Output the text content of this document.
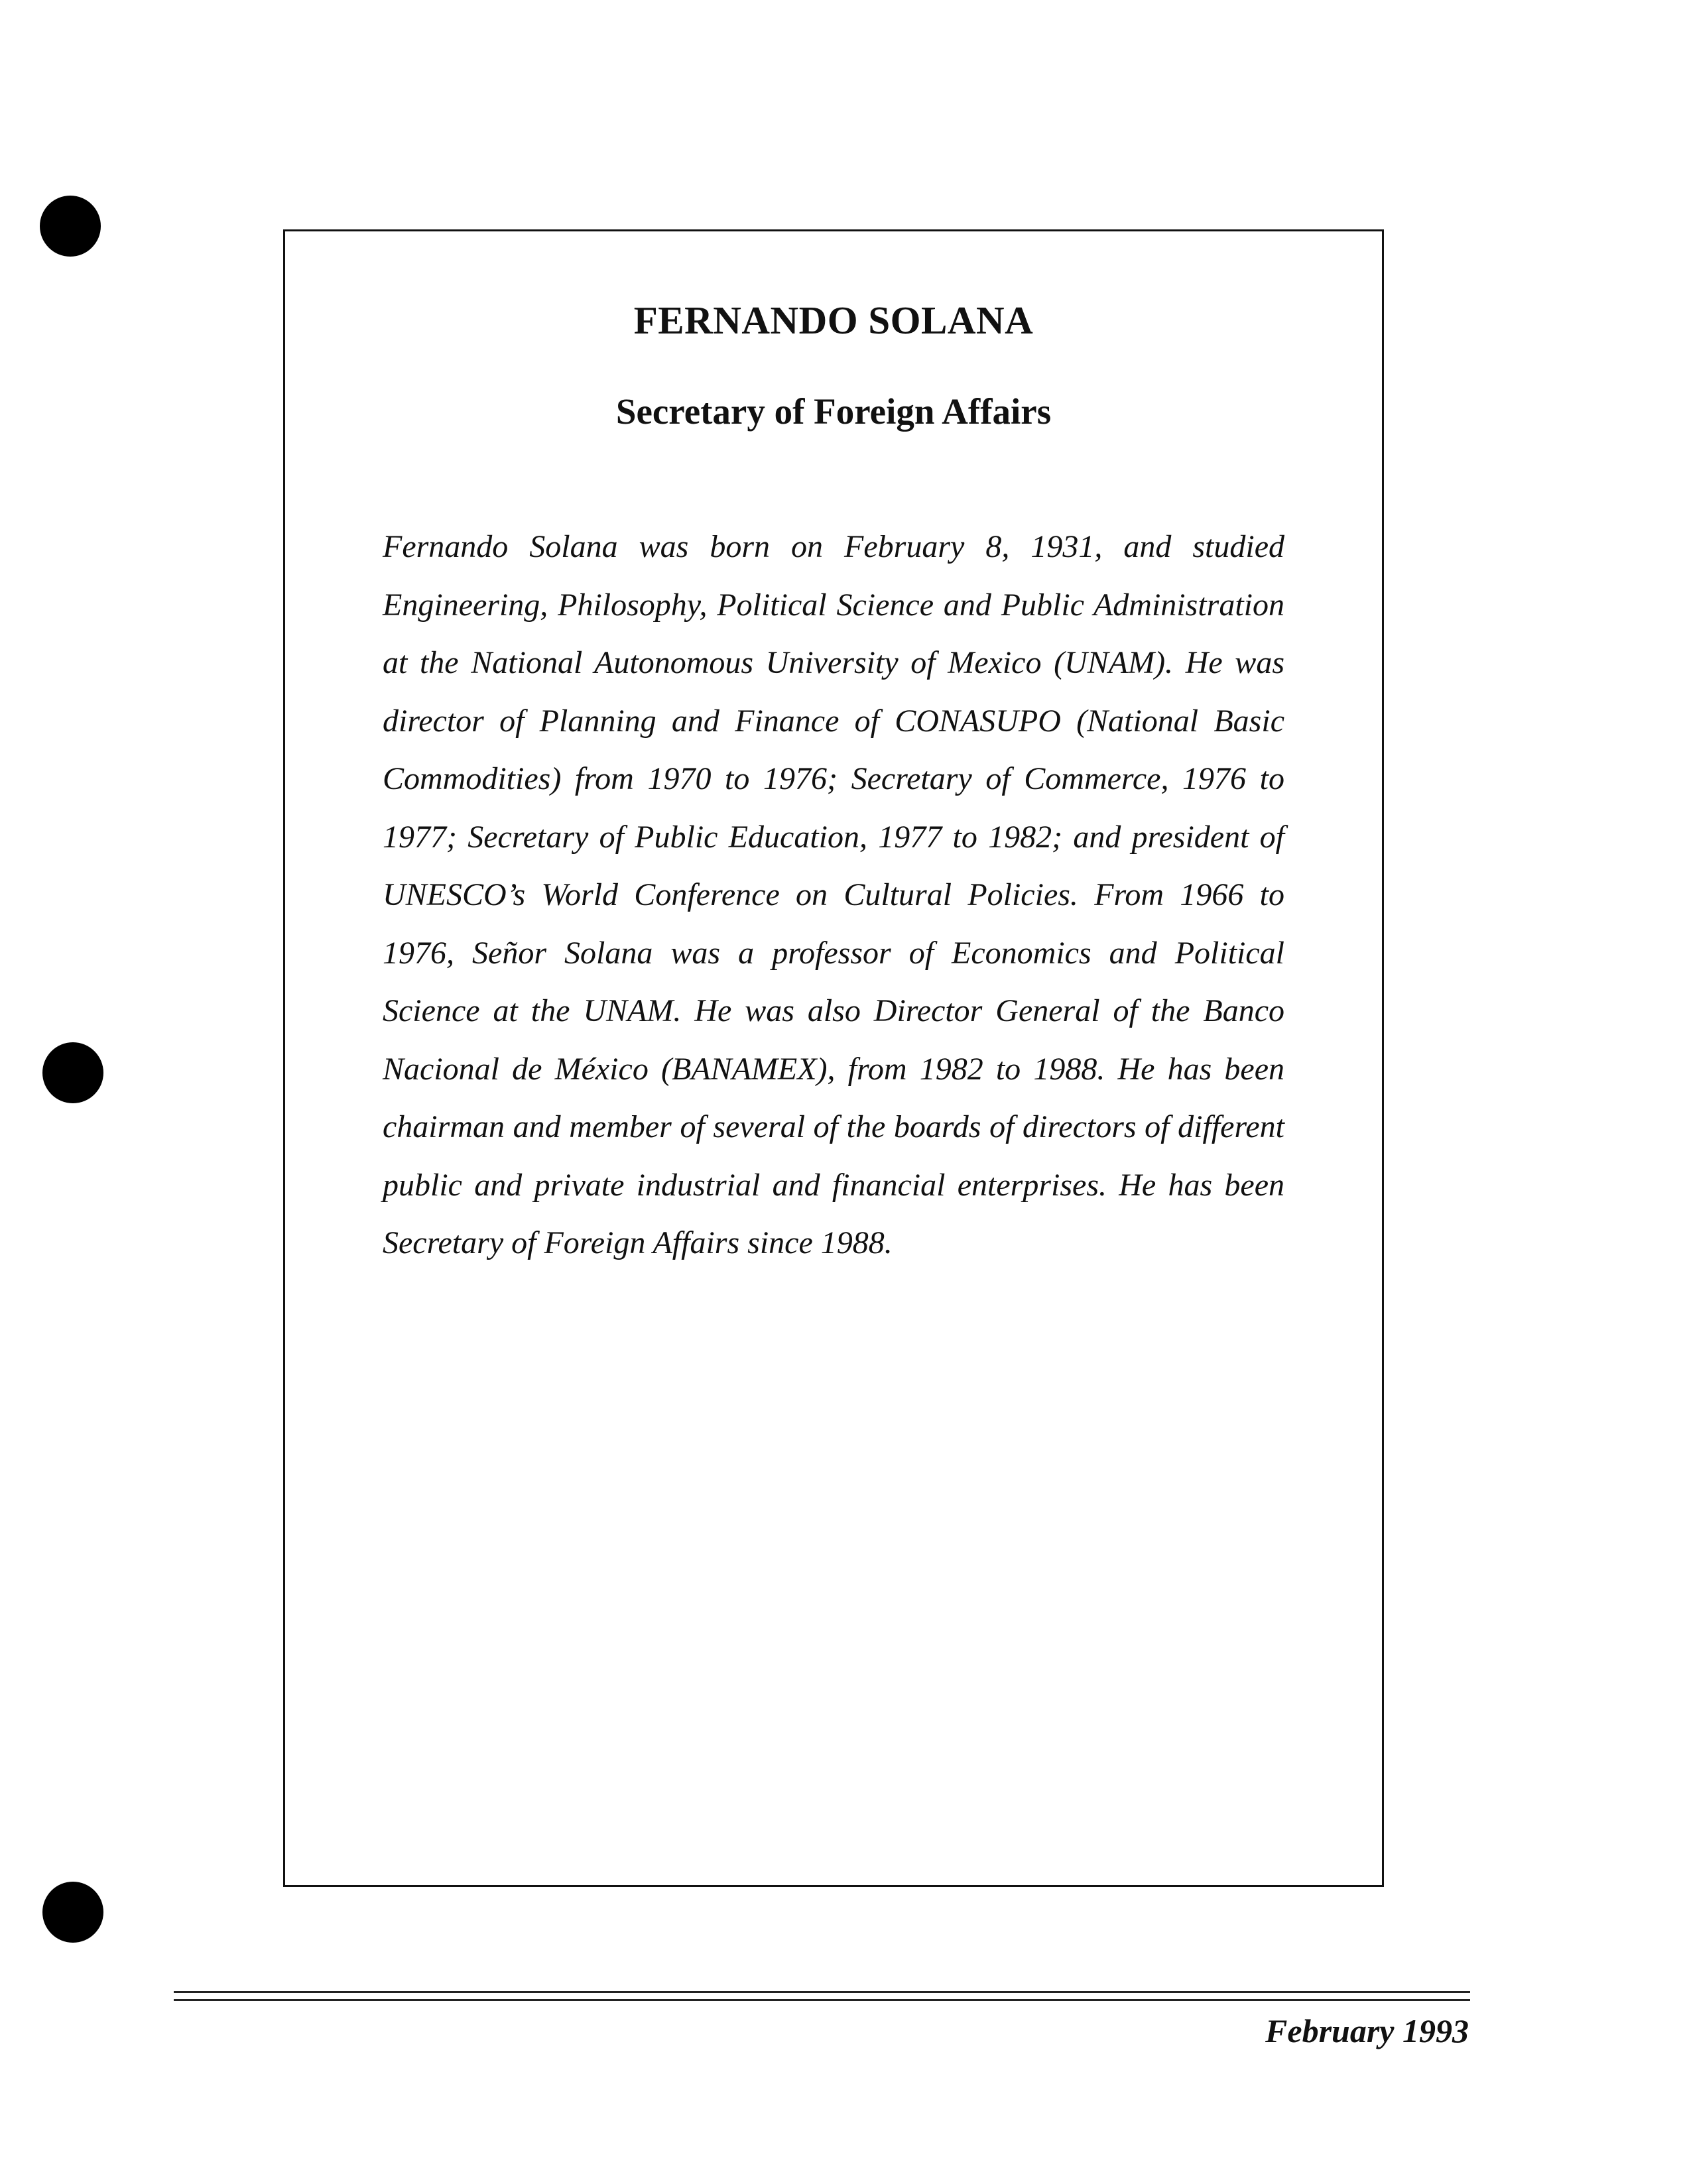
FERNANDO SOLANA
Secretary of Foreign Affairs

Fernando Solana was born on February 8, 1931, and studied Engineering, Philosophy, Political Science and Public Administration at the National Autonomous University of Mexico (UNAM). He was director of Planning and Finance of CONASUPO (National Basic Commodities) from 1970 to 1976; Secretary of Commerce, 1976 to 1977; Secretary of Public Education, 1977 to 1982; and president of UNESCO’s World Conference on Cultural Policies. From 1966 to 1976, Señor Solana was a professor of Economics and Political Science at the UNAM. He was also Director General of the Banco Nacional de México (BANAMEX), from 1982 to 1988. He has been chairman and member of several of the boards of directors of different public and private industrial and financial enterprises. He has been Secretary of Foreign Affairs since 1988.

February 1993
